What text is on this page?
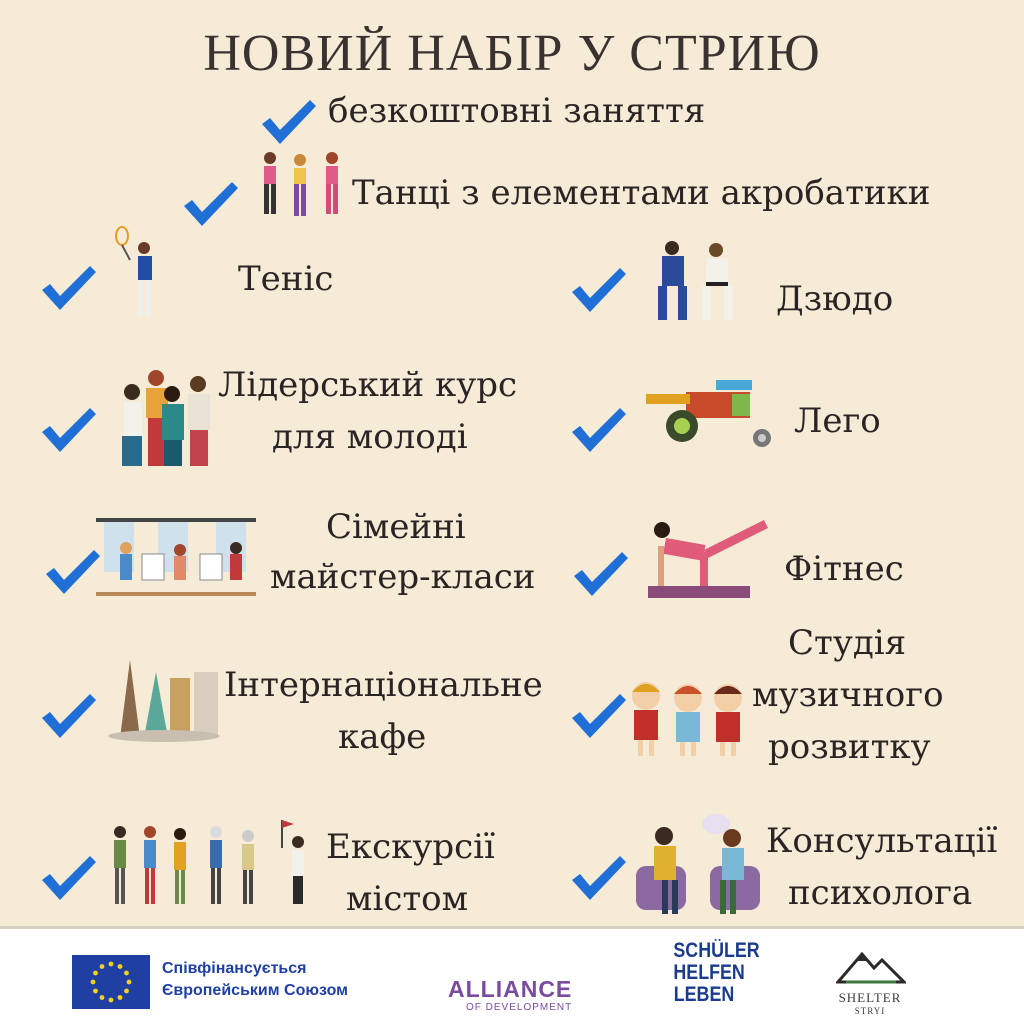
НОВИЙ НАБІР У СТРИЮ
безкоштовні заняття
Танці з елементами акробатики
Теніс	Дзюдо
Лідерський курс
для молоді	Лего
Сімейні
майстер-класи	Фітнес
Інтернаціональне
кафе
Студія
музичного
розвитку
Екскурсії
містом
Консультації
психолога
Співфінансується
Європейським Союзом	ALLIANCE
OF DEVELOPMENT
SCHÜLER
HELFEN
LEBEN	SHELTER
STRYI
